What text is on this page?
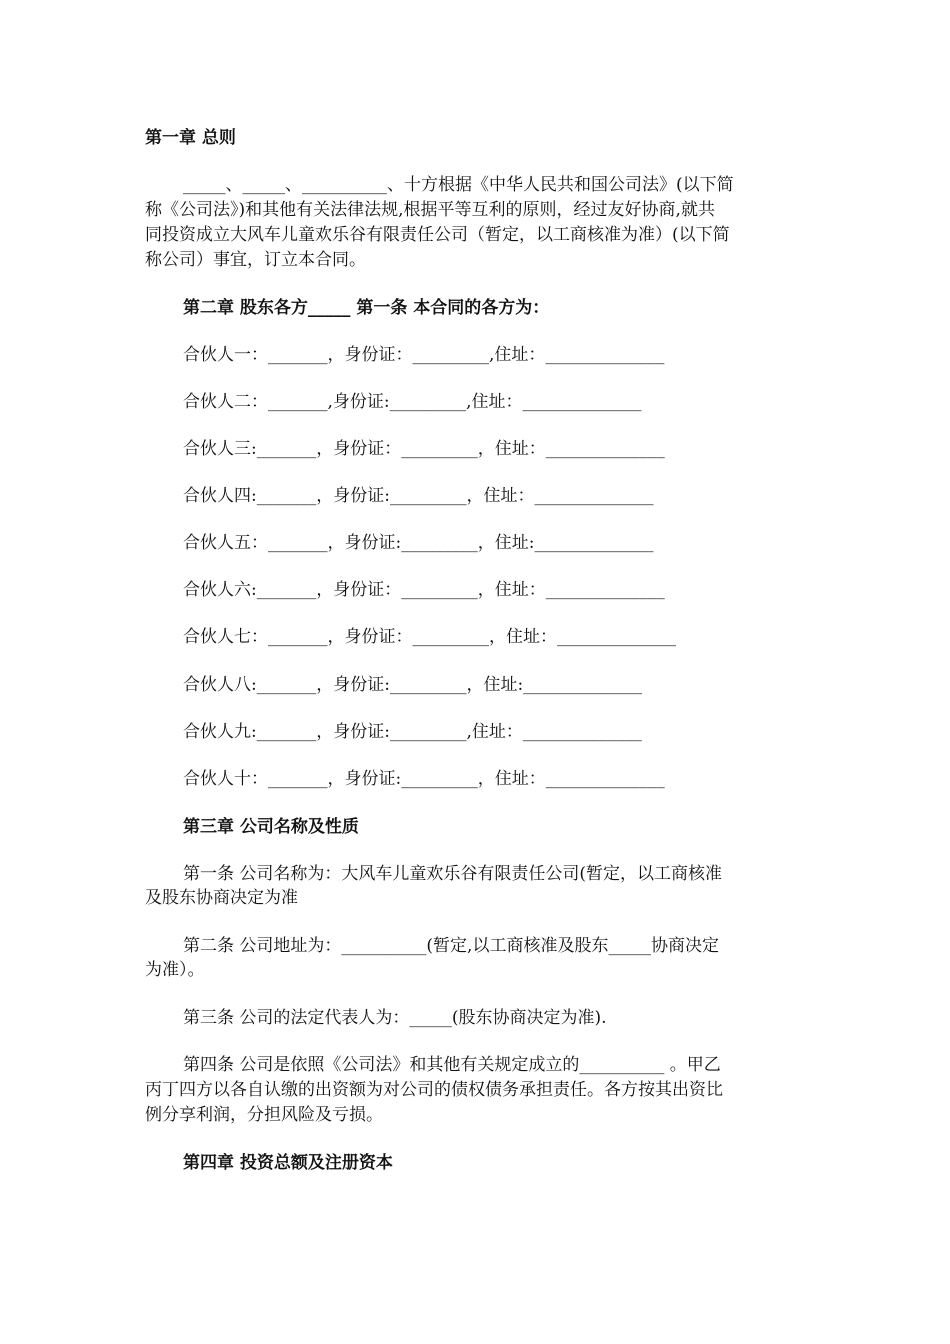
第一章 总则
_____、_____、__________、十方根据《中华人民共和国公司法》(以下简
称《公司法》)和其他有关法律法规,根据平等互利的原则，经过友好协商,就共
同投资成立大风车儿童欢乐谷有限责任公司（暂定，以工商核准为准）(以下简
称公司）事宜，订立本合同。
第二章 股东各方_____ 第一条 本合同的各方为：
合伙人一：_______，身份证：_________,住址：______________
合伙人二：_______,身份证:_________,住址：______________
合伙人三:_______，身份证：_________，住址：______________
合伙人四:_______，身份证:_________，住址：______________
合伙人五：_______，身份证:_________，住址:______________
合伙人六:_______，身份证：_________，住址：______________
合伙人七：_______，身份证：_________，住址：______________
合伙人八:_______，身份证:_________，住址:______________
合伙人九:_______，身份证:_________,住址：______________
合伙人十：_______，身份证:_________，住址：______________
第三章 公司名称及性质
第一条 公司名称为：大风车儿童欢乐谷有限责任公司(暂定，以工商核准
及股东协商决定为准
第二条 公司地址为：__________(暂定,以工商核准及股东_____协商决定
为准）。
第三条 公司的法定代表人为：_____(股东协商决定为准).
第四条 公司是依照《公司法》和其他有关规定成立的__________ 。甲乙
丙丁四方以各自认缴的出资额为对公司的债权债务承担责任。各方按其出资比
例分享利润，分担风险及亏损。
第四章 投资总额及注册资本
